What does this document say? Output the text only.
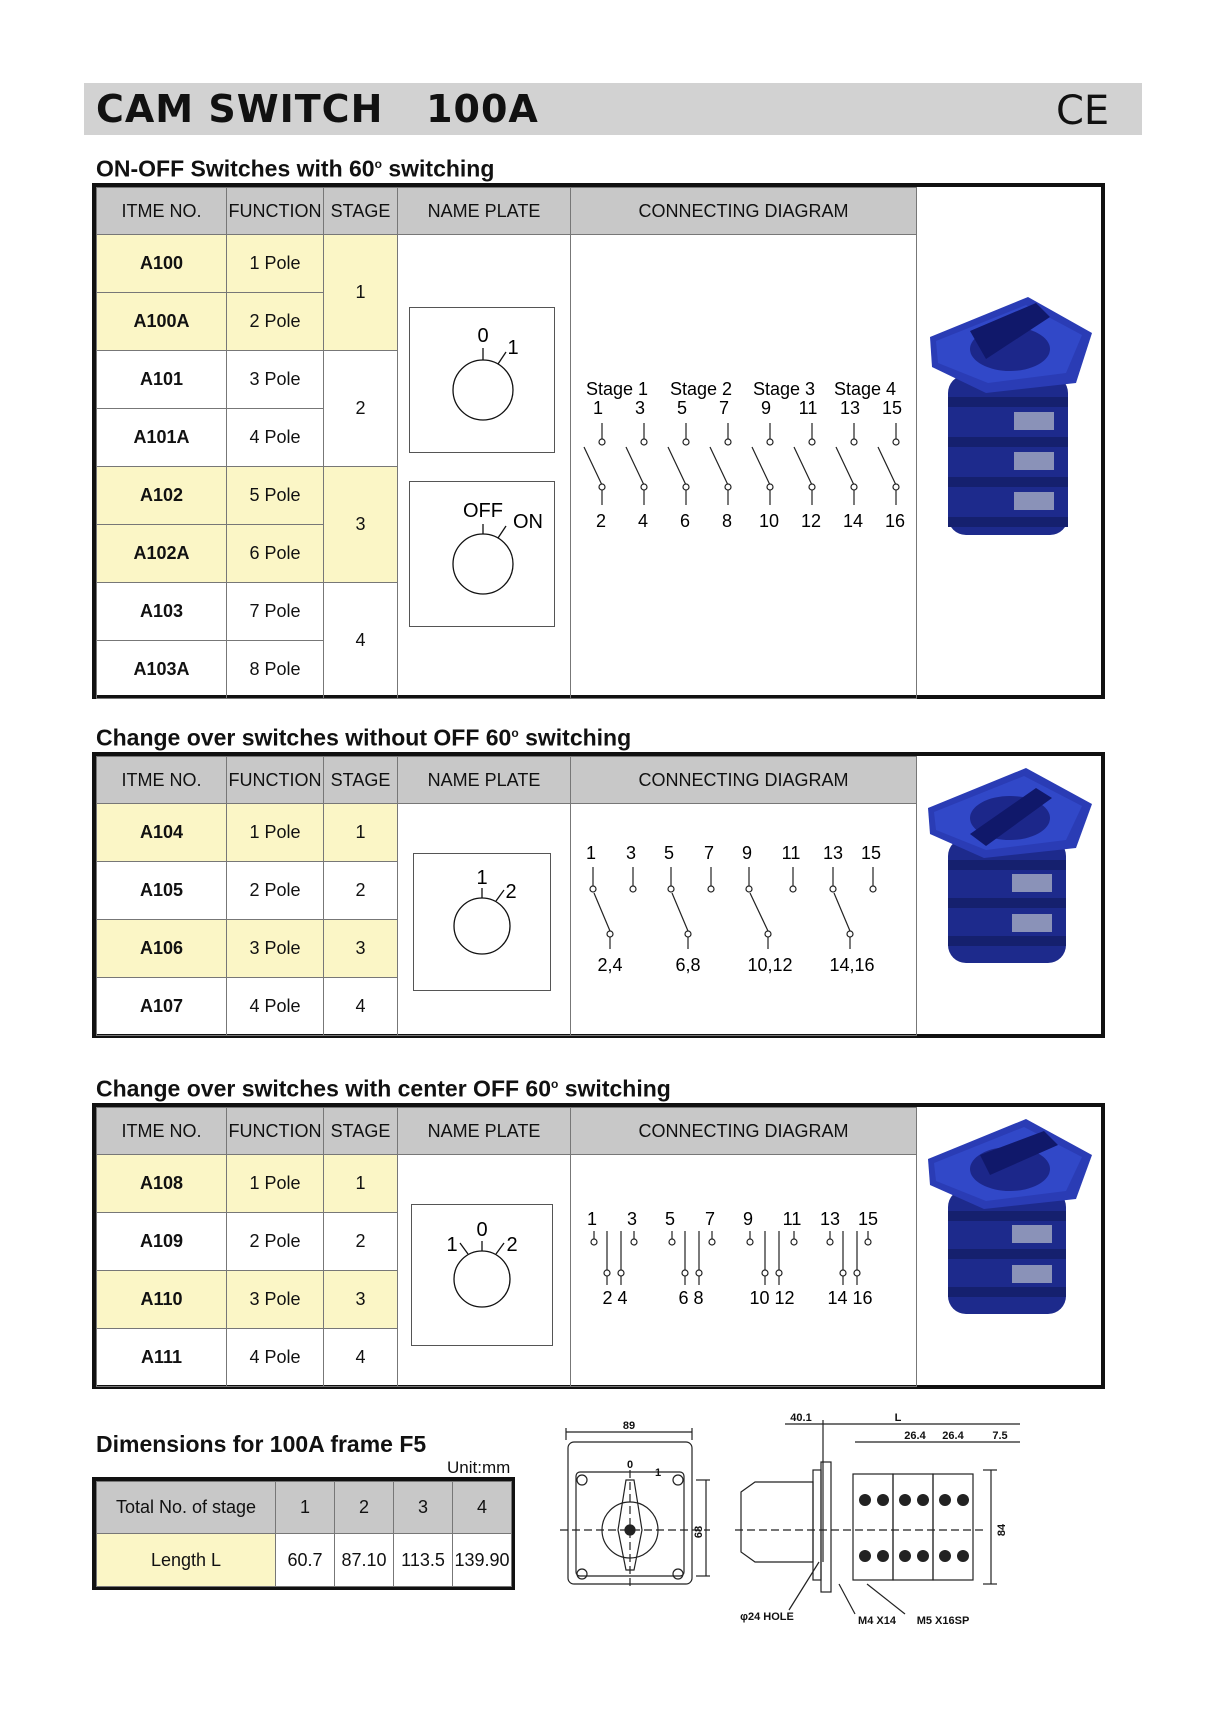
CAM SWITCH   100A	CE
ON-OFF Switches with 60$^o$ switching
ITME NO.	FUNCTION	STAGE	NAME PLATE	CONNECTING DIAGRAM
A100	1 Pole	1		
A100A	2 Pole			
A101	3 Pole	2		
A101A	4 Pole			
A102	5 Pole	3		
A102A	6 Pole			
A103	7 Pole	4		
A103A	8 Pole			
0
1
OFF ON
Stage 1 Stage 2 Stage 3 Stage 4
1 3 5 7 9 11 13 15
2 4 6 8 10 12 14 16
Change over switches without OFF 60$^o$ switching
ITME NO.	FUNCTION	STAGE	NAME PLATE	CONNECTING DIAGRAM
A104	1 Pole	1		
A105	2 Pole	2		
A106	3 Pole	3		
A107	4 Pole	4		
1
2
1 3 5 7 9 11 13 15
2,4	6,8	10,12 14,16
Change over switches with center OFF 60$^o$ switching
ITME NO.	FUNCTION	STAGE	NAME PLATE	CONNECTING DIAGRAM
A108	1 Pole	1		
A109	2 Pole	2		
A110	3 Pole	3		
A111	4 Pole	4		
1
0
2
1 3 5 7 9 11 13 15
2 4	6 8	10 12 14 16
Dimensions for 100A frame F5
Unit:mm
Total No. of stage	1	2	3	4
Length L	60.7	87.10	113.5	139.90
89
68
0
1
40.1	L
26.4 26.4	7.5
84
φ24 HOLE	M4 X14 M5 X16SP
